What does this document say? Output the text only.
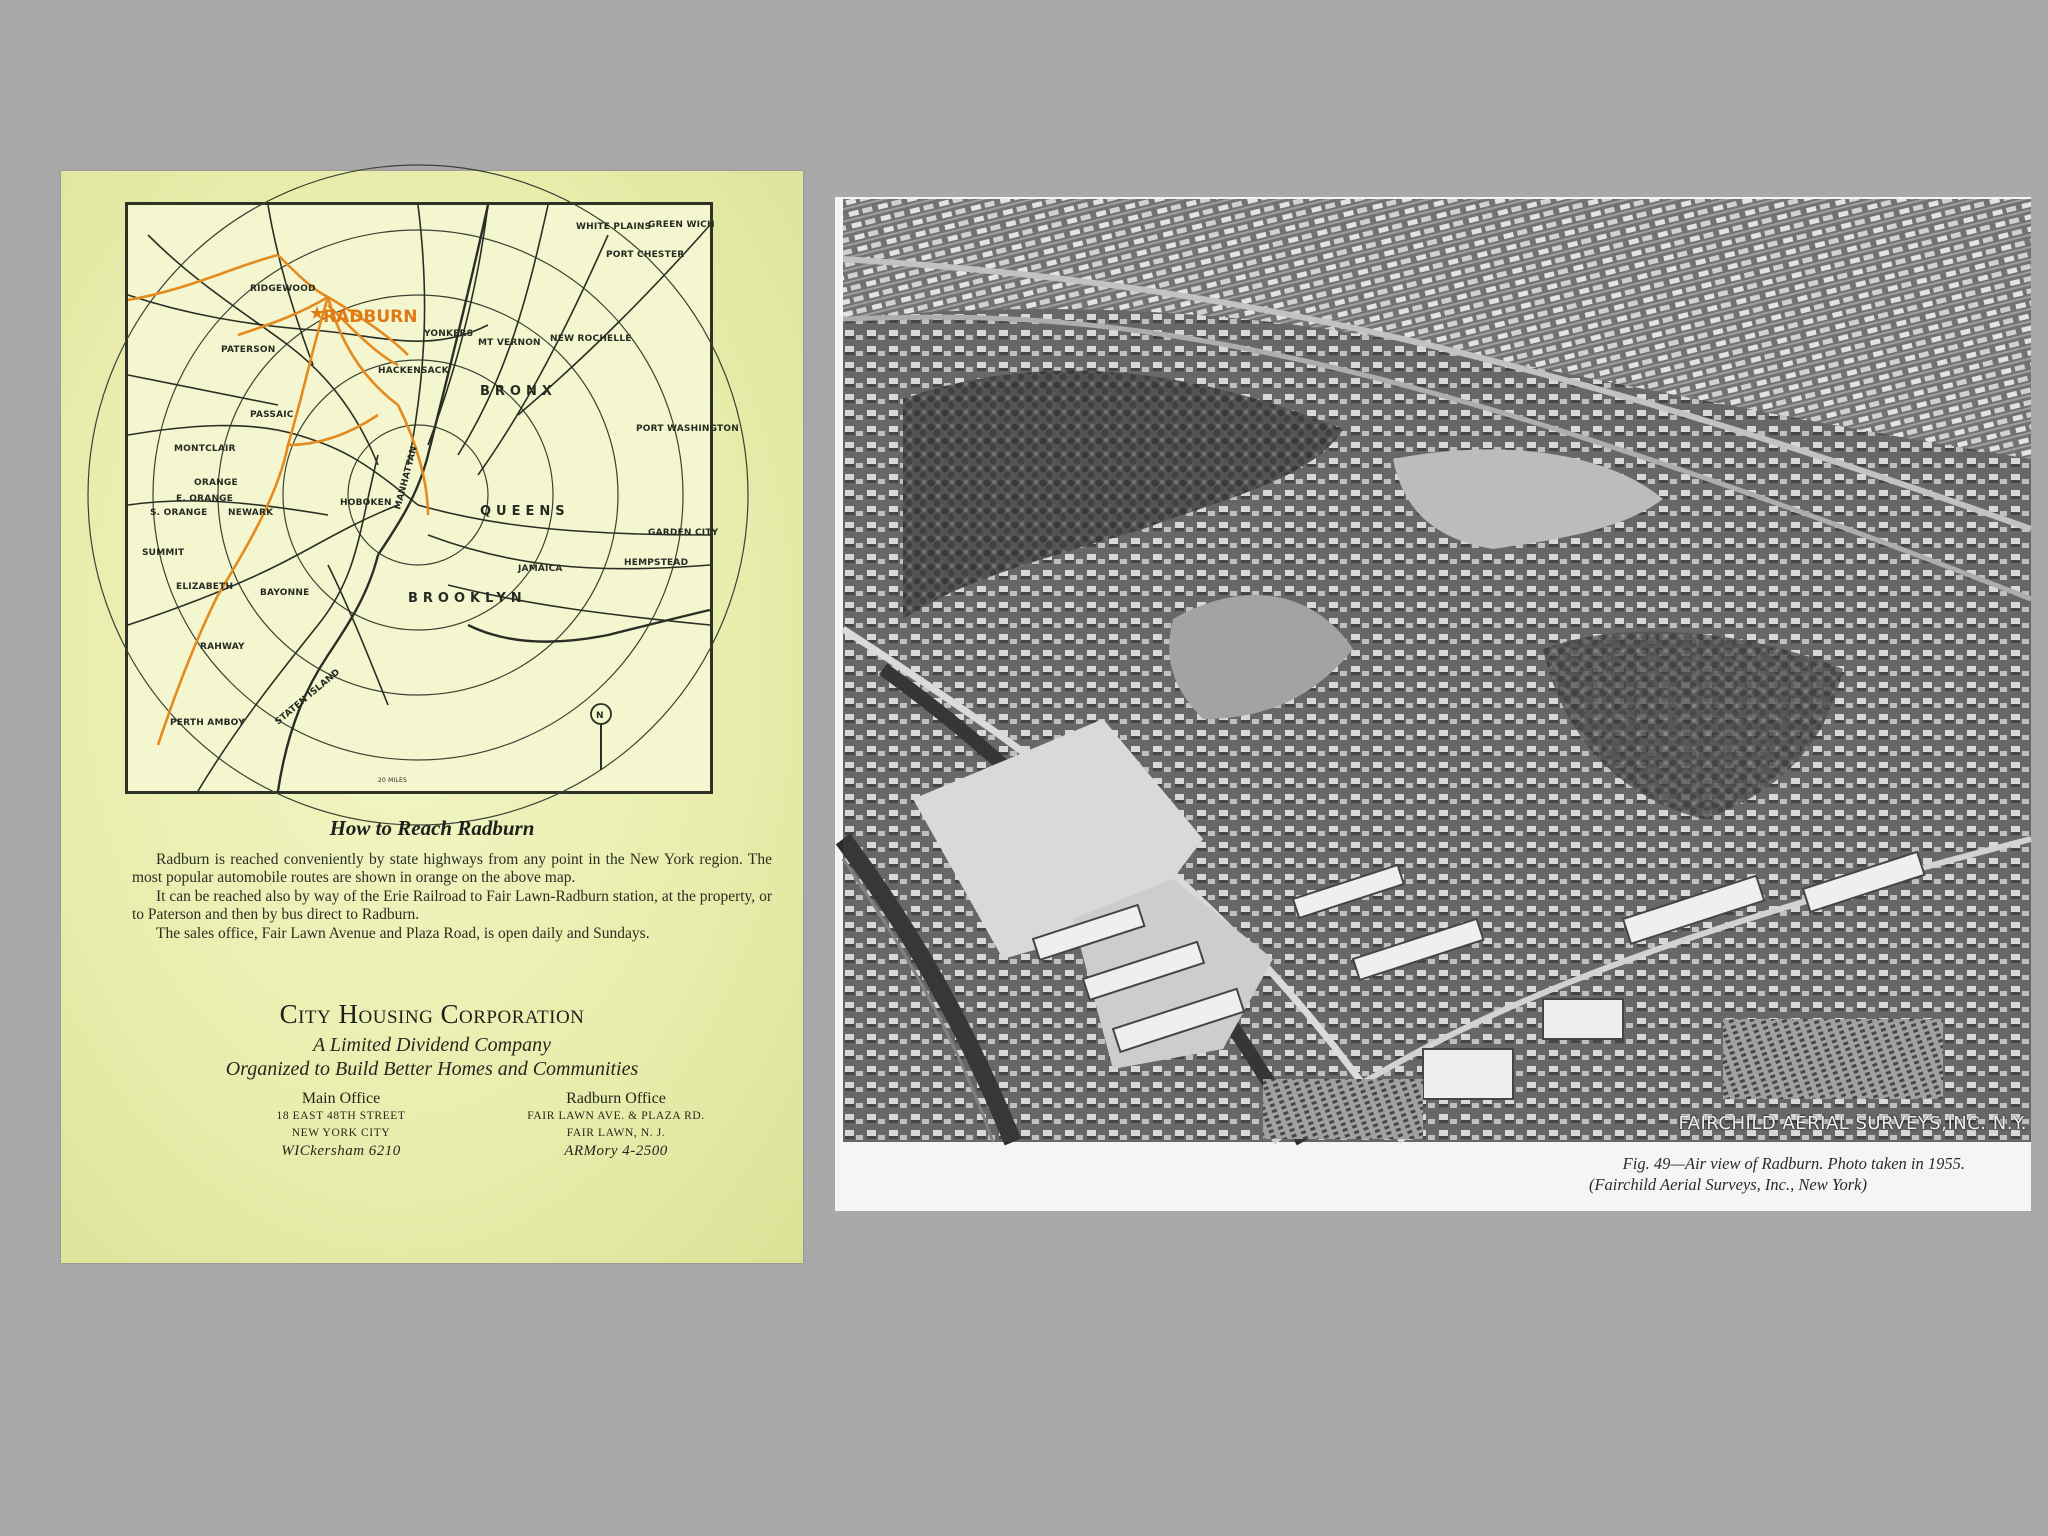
★
RADBURN
RIDGEWOOD
PATERSON
PASSAIC
MONTCLAIR
ORANGE
E. ORANGE
S. ORANGE NEWARK
SUMMIT
ELIZABETH
BAYONNE
RAHWAY
PERTH AMBOY	STATEN ISLAND
HACKENSACK
HOBOKEN MANHATTAN
BRONX
QUEENS
BROOKLYN
JAMAICA
YONKERS
MT VERNON NEW ROCHELLE
WHITE PLAINS
PORT CHESTER
GREEN WICH
PORT WASHINGTON
GARDEN CITY
HEMPSTEAD
20 MILES
N
How to Reach Radburn

Radburn is reached conveniently by state highways from any point in the New York region. The most popular automobile routes are shown in orange on the above map.

It can be reached also by way of the Erie Railroad to Fair Lawn-Radburn station, at the property, or to Paterson and then by bus direct to Radburn.

The sales office, Fair Lawn Avenue and Plaza Road, is open daily and Sundays.

City Housing Corporation
A Limited Dividend Company
Organized to Build Better Homes and Communities
Main Office
18 EAST 48TH STREET
NEW YORK CITY
WICkersham 6210
Radburn Office
FAIR LAWN AVE. & PLAZA RD.
FAIR LAWN, N. J.
ARMory 4-2500
FAIRCHILD AERIAL SURVEYS,INC. N.Y.
Fig. 49—Air view of Radburn. Photo taken in 1955.
(Fairchild Aerial Surveys, Inc., New York)
